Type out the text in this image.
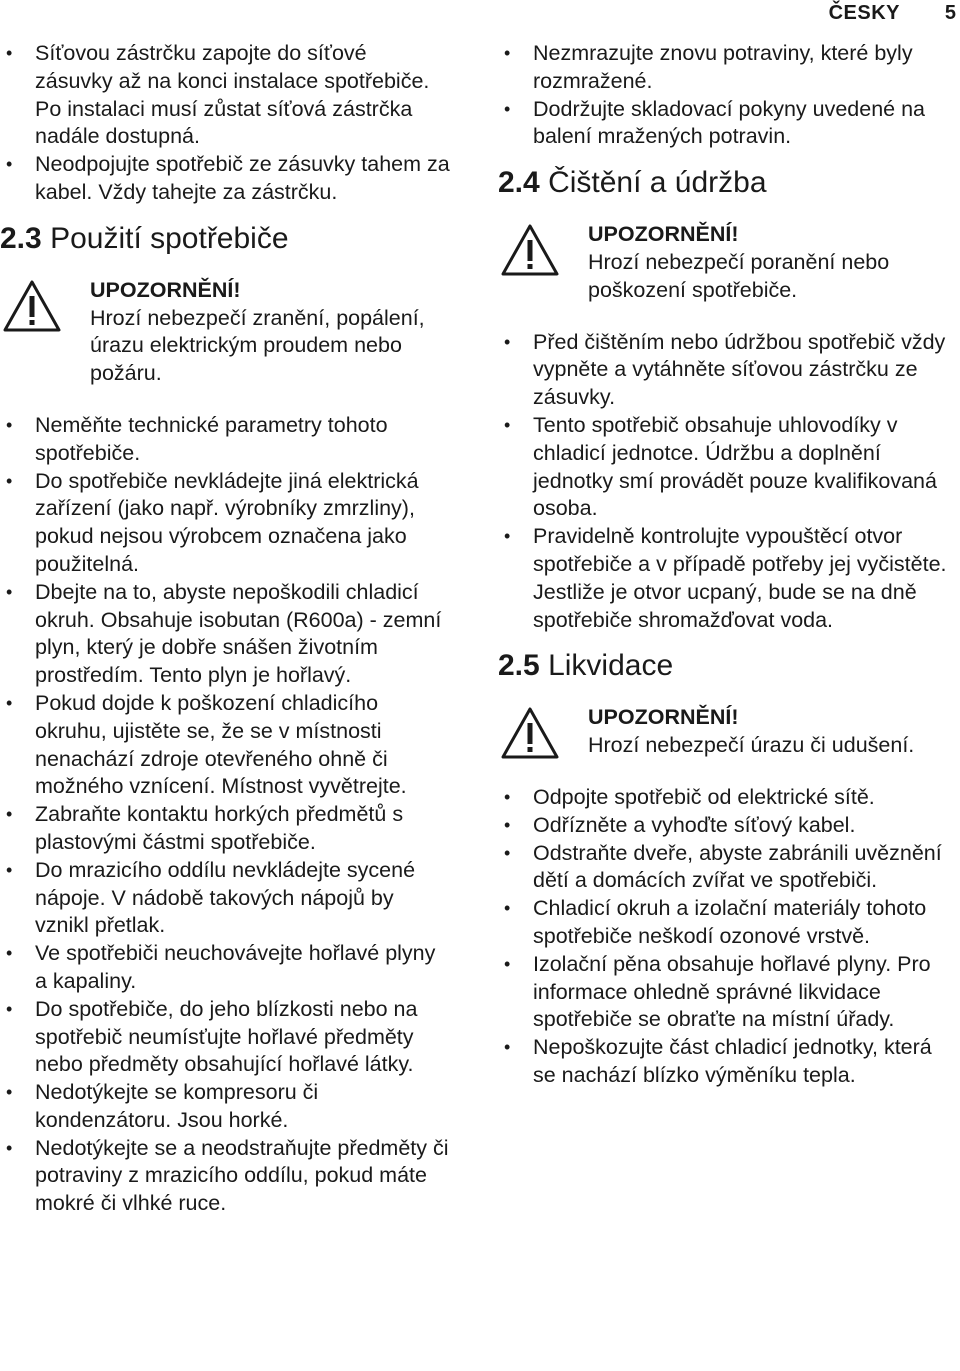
ČESKY 5
• Síťovou zástrčku zapojte do síťové zásuvky až na konci instalace spotřebiče. Po instalaci musí zůstat síťová zástrčka nadále dostupná.
• Neodpojujte spotřebič ze zásuvky tahem za kabel. Vždy tahejte za zástrčku.
2.3 Použití spotřebiče
UPOZORNĚNÍ!
Hrozí nebezpečí zranění, popálení, úrazu elektrickým proudem nebo požáru.
• Neměňte technické parametry tohoto spotřebiče.
• Do spotřebiče nevkládejte jiná elektrická zařízení (jako např. výrobníky zmrzliny), pokud nejsou výrobcem označena jako použitelná.
• Dbejte na to, abyste nepoškodili chladicí okruh. Obsahuje isobutan (R600a) - zemní plyn, který je dobře snášen životním prostředím. Tento plyn je hořlavý.
• Pokud dojde k poškození chladicího okruhu, ujistěte se, že se v místnosti nenachází zdroje otevřeného ohně či možného vznícení. Místnost vyvětrejte.
• Zabraňte kontaktu horkých předmětů s plastovými částmi spotřebiče.
• Do mrazicího oddílu nevkládejte sycené nápoje. V nádobě takových nápojů by vznikl přetlak.
• Ve spotřebiči neuchovávejte hořlavé plyny a kapaliny.
• Do spotřebiče, do jeho blízkosti nebo na spotřebič neumísťujte hořlavé předměty nebo předměty obsahující hořlavé látky.
• Nedotýkejte se kompresoru či kondenzátoru. Jsou horké.
• Nedotýkejte se a neodstraňujte předměty či potraviny z mrazicího oddílu, pokud máte mokré či vlhké ruce.
• Nezmrazujte znovu potraviny, které byly rozmražené.
• Dodržujte skladovací pokyny uvedené na balení mražených potravin.
2.4 Čištění a údržba
UPOZORNĚNÍ!
Hrozí nebezpečí poranění nebo poškození spotřebiče.
• Před čištěním nebo údržbou spotřebič vždy vypněte a vytáhněte síťovou zástrčku ze zásuvky.
• Tento spotřebič obsahuje uhlovodíky v chladicí jednotce. Údržbu a doplnění jednotky smí provádět pouze kvalifikovaná osoba.
• Pravidelně kontrolujte vypouštěcí otvor spotřebiče a v případě potřeby jej vyčistěte. Jestliže je otvor ucpaný, bude se na dně spotřebiče shromažďovat voda.
2.5 Likvidace
UPOZORNĚNÍ!
Hrozí nebezpečí úrazu či udušení.
• Odpojte spotřebič od elektrické sítě.
• Odřízněte a vyhoďte síťový kabel.
• Odstraňte dveře, abyste zabránili uvěznění dětí a domácích zvířat ve spotřebiči.
• Chladicí okruh a izolační materiály tohoto spotřebiče neškodí ozonové vrstvě.
• Izolační pěna obsahuje hořlavé plyny. Pro informace ohledně správné likvidace spotřebiče se obraťte na místní úřady.
• Nepoškozujte část chladicí jednotky, která se nachází blízko výměníku tepla.
